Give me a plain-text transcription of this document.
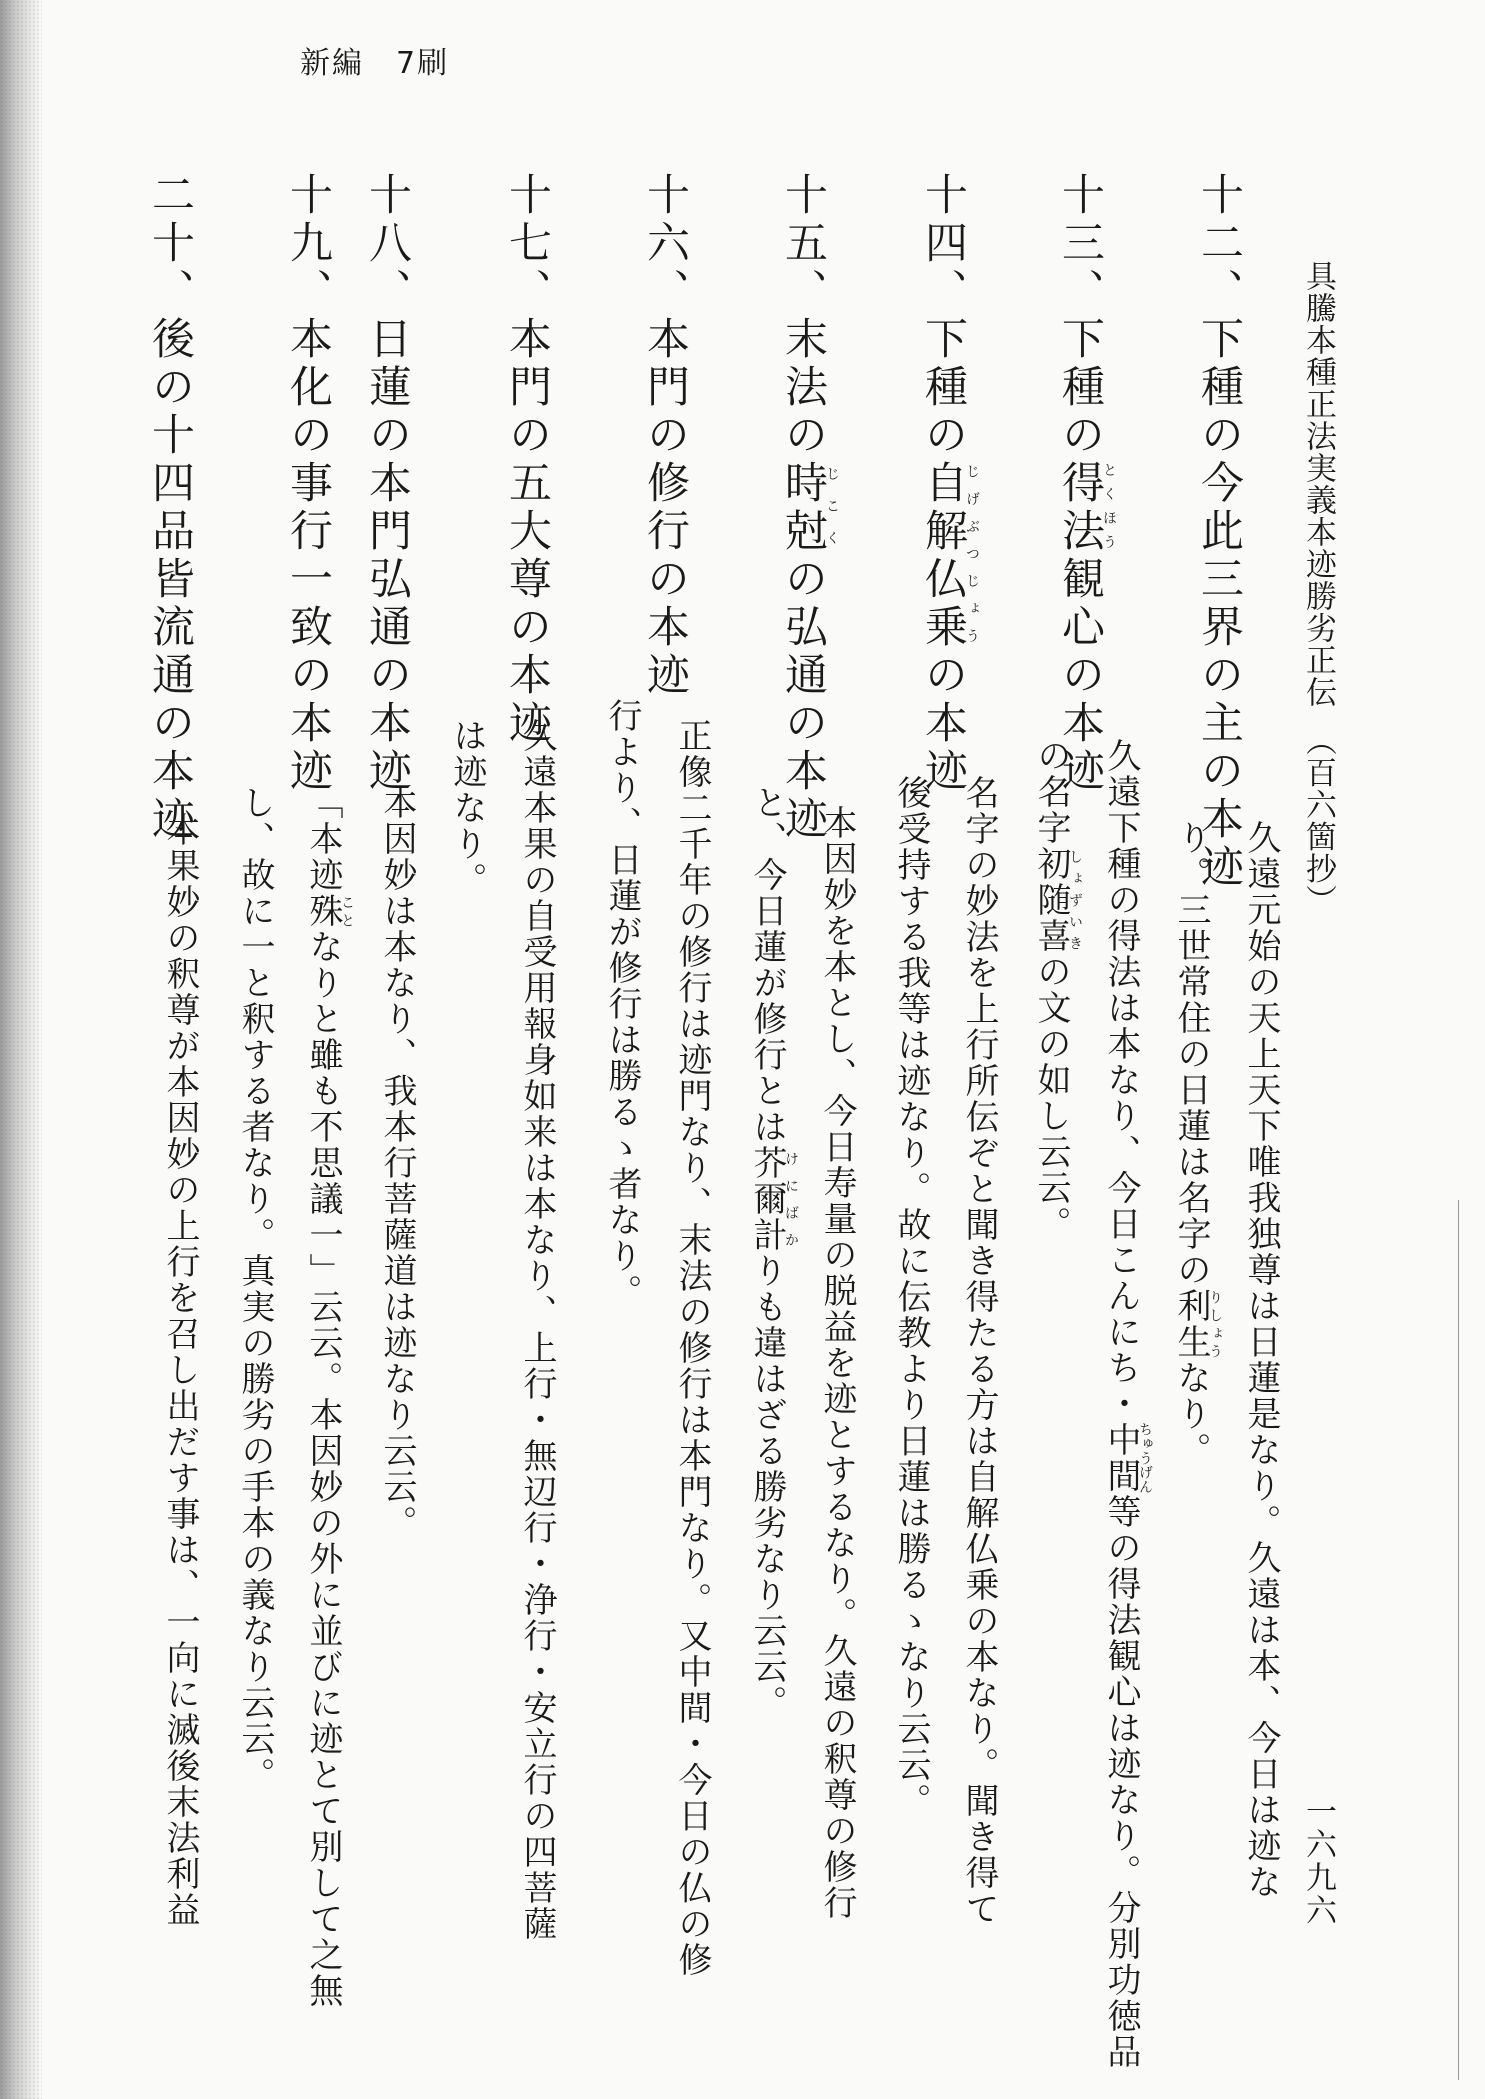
新編　7刷
具騰本種正法実義本迹勝劣正伝　（百六箇抄）
一六九六
十二、下種の今此三界の主の本迹
十三、下種の得法とくほう観心の本迹
十四、下種の自解仏乗じげぶつじょうの本迹
十五、末法の時尅じこくの弘通の本迹
十六、本門の修行の本迹
十七、本門の五大尊の本迹
十八、日蓮の本門弘通の本迹
十九、本化の事行一致の本迹
二十、後の十四品皆流通の本迹
久遠元始の天上天下唯我独尊は日蓮是なり。久遠は本、今日は迹な
り。三世常住の日蓮は名字の利生りしょうなり。
久遠下種の得法は本なり、今日こんにち・中間ちゅうげん等の得法観心は迹なり。分別功徳品
の名字初随喜しょずいきの文の如し云云。
名字の妙法を上行所伝ぞと聞き得たる方は自解仏乗の本なり。聞き得て
後受持する我等は迹なり。故に伝教より日蓮は勝るゝなり云云。
本因妙を本とし、今日寿量の脱益を迹とするなり。久遠の釈尊の修行
と、今日蓮が修行とは芥爾計けにばかりも違はざる勝劣なり云云。
正像二千年の修行は迹門なり、末法の修行は本門なり。又中間・今日の仏の修
行より、日蓮が修行は勝るゝ者なり。
久遠本果の自受用報身如来は本なり、上行・無辺行・浄行・安立行の四菩薩
は迹なり。
本因妙は本なり、我本行菩薩道は迹なり云云。
「本迹殊ことなりと雖も不思議一」云云。本因妙の外に並びに迹とて別して之無
し、故に一と釈する者なり。真実の勝劣の手本の義なり云云。
本果妙の釈尊が本因妙の上行を召し出だす事は、一向に滅後末法利益
